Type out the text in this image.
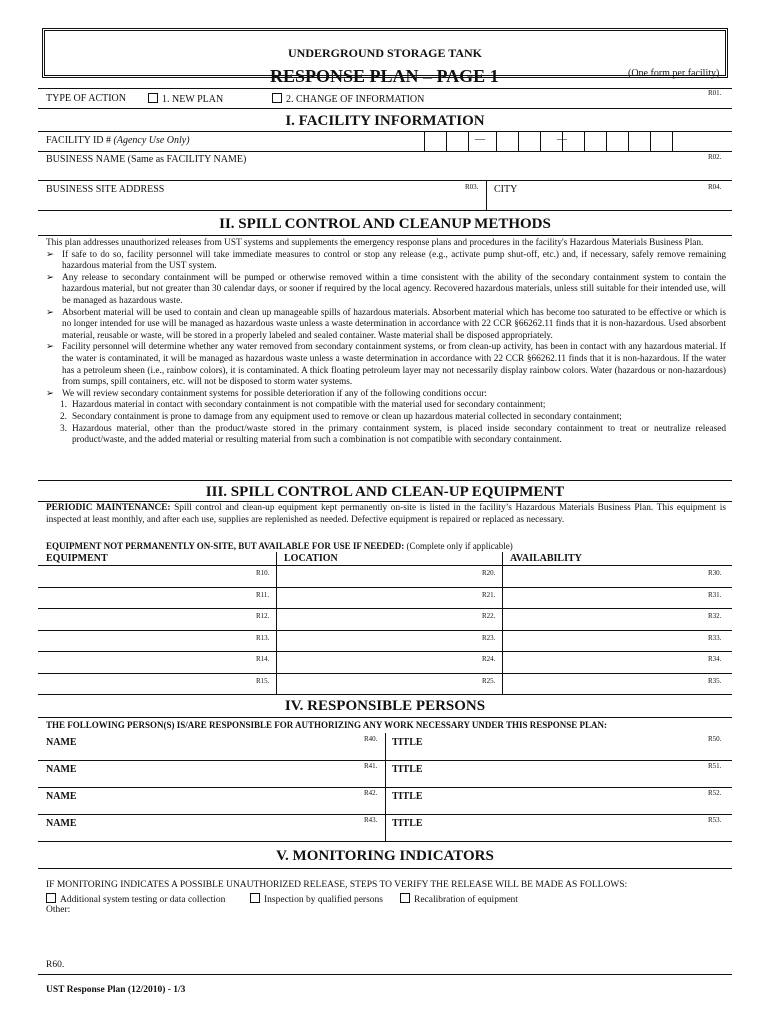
UNDERGROUND STORAGE TANK
RESPONSE PLAN – PAGE 1	(One form per facility)
TYPE OF ACTION	1. NEW PLAN	2. CHANGE OF INFORMATION
R01.
I. FACILITY INFORMATION
FACILITY ID # (Agency Use Only)	—	—
BUSINESS NAME (Same as FACILITY NAME)	R02.
BUSINESS SITE ADDRESS	R03. CITY	R04.
II. SPILL CONTROL AND CLEANUP METHODS

This plan addresses unauthorized releases from UST systems and supplements the emergency response plans and procedures in the facility's Hazardous Materials Business Plan.

➢ If safe to do so, facility personnel will take immediate measures to control or stop any release (e.g., activate pump shut-off, etc.) and, if necessary, safely remove remaining hazardous material from the UST system.
➢ Any release to secondary containment will be pumped or otherwise removed within a time consistent with the ability of the secondary containment system to contain the hazardous material, but not greater than 30 calendar days, or sooner if required by the local agency. Recovered hazardous materials, unless still suitable for their intended use, will be managed as hazardous waste.
➢ Absorbent material will be used to contain and clean up manageable spills of hazardous materials. Absorbent material which has become too saturated to be effective or which is no longer intended for use will be managed as hazardous waste unless a waste determination in accordance with 22 CCR §66262.11 finds that it is non-hazardous. Used absorbent material, reusable or waste, will be stored in a properly labeled and sealed container. Waste material shall be disposed appropriately.
➢ Facility personnel will determine whether any water removed from secondary containment systems, or from clean-up activity, has been in contact with any hazardous material. If the water is contaminated, it will be managed as hazardous waste unless a waste determination in accordance with 22 CCR §66262.11 finds that it is non-hazardous. If the water has a petroleum sheen (i.e., rainbow colors), it is contaminated. A thick floating petroleum layer may not necessarily display rainbow colors. Water (hazardous or non-hazardous) from sumps, spill containers, etc. will not be disposed to storm water systems.
➢ We will review secondary containment systems for possible deterioration if any of the following conditions occur:
1. Hazardous material in contact with secondary containment is not compatible with the material used for secondary containment;
2. Secondary containment is prone to damage from any equipment used to remove or clean up hazardous material collected in secondary containment;
3. Hazardous material, other than the product/waste stored in the primary containment system, is placed inside secondary containment to treat or neutralize released product/waste, and the added material or resulting material from such a combination is not compatible with secondary containment.
III. SPILL CONTROL AND CLEAN-UP EQUIPMENT
PERIODIC MAINTENANCE: Spill control and clean-up equipment kept permanently on-site is listed in the facility’s Hazardous Materials Business Plan. This equipment is inspected at least monthly, and after each use, supplies are replenished as needed. Defective equipment is repaired or replaced as necessary.
EQUIPMENT NOT PERMANENTLY ON-SITE, BUT AVAILABLE FOR USE IF NEEDED: (Complete only if applicable)
EQUIPMENT	LOCATION	AVAILABILITY
R10.	R20.	R30.
R11.	R21.	R31.
R12.	R22.	R32.
R13.	R23.	R33.
R14.	R24.	R34.
R15.	R25.	R35.
IV. RESPONSIBLE PERSONS
THE FOLLOWING PERSON(S) IS/ARE RESPONSIBLE FOR AUTHORIZING ANY WORK NECESSARY UNDER THIS RESPONSE PLAN:
NAME	R40. TITLE	R50.
NAME	R41. TITLE	R51.
NAME	R42. TITLE	R52.
NAME	R43. TITLE	R53.
V. MONITORING INDICATORS
IF MONITORING INDICATES A POSSIBLE UNAUTHORIZED RELEASE, STEPS TO VERIFY THE RELEASE WILL BE MADE AS FOLLOWS:
Additional system testing or data collection	Inspection by qualified persons	Recalibration of equipment
Other:
R60.
UST Response Plan (12/2010) - 1/3
